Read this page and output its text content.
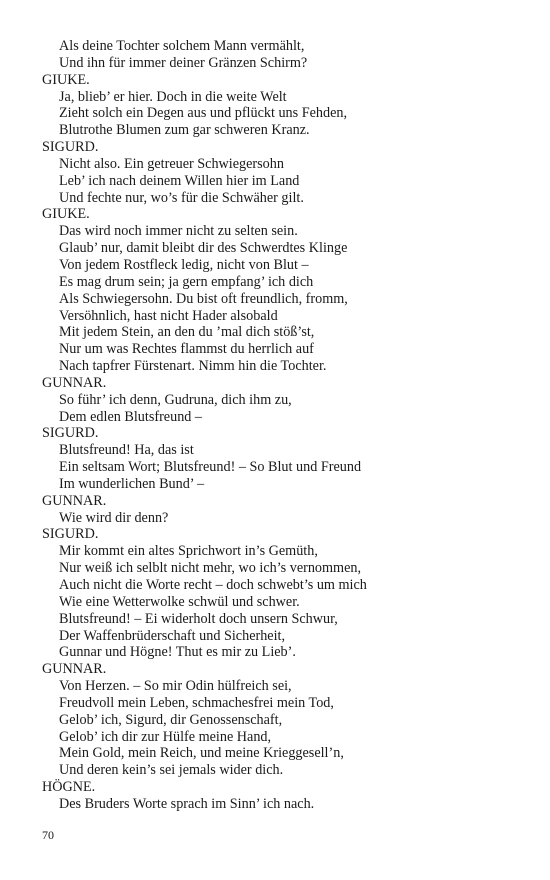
Als deine Tochter solchem Mann vermählt,
Und ihn für immer deiner Gränzen Schirm?
GIUKE.
Ja, blieb’ er hier. Doch in die weite Welt
Zieht solch ein Degen aus und pflückt uns Fehden,
Blutrothe Blumen zum gar schweren Kranz.
SIGURD.
Nicht also. Ein getreuer Schwiegersohn
Leb’ ich nach deinem Willen hier im Land
Und fechte nur, wo’s für die Schwäher gilt.
GIUKE.
Das wird noch immer nicht zu selten sein.
Glaub’ nur, damit bleibt dir des Schwerdtes Klinge
Von jedem Rostfleck ledig, nicht von Blut –
Es mag drum sein; ja gern empfang’ ich dich
Als Schwiegersohn. Du bist oft freundlich, fromm,
Versöhnlich, hast nicht Hader alsobald
Mit jedem Stein, an den du ’mal dich stöß’st,
Nur um was Rechtes flammst du herrlich auf
Nach tapfrer Fürstenart. Nimm hin die Tochter.
GUNNAR.
So führ’ ich denn, Gudruna, dich ihm zu,
Dem edlen Blutsfreund –
SIGURD.
Blutsfreund! Ha, das ist
Ein seltsam Wort; Blutsfreund! – So Blut und Freund
Im wunderlichen Bund’ –
GUNNAR.
Wie wird dir denn?
SIGURD.
Mir kommt ein altes Sprichwort in’s Gemüth,
Nur weiß ich selblt nicht mehr, wo ich’s vernommen,
Auch nicht die Worte recht – doch schwebt’s um mich
Wie eine Wetterwolke schwül und schwer.
Blutsfreund! – Ei widerholt doch unsern Schwur,
Der Waffenbrüderschaft und Sicherheit,
Gunnar und Högne! Thut es mir zu Lieb’.
GUNNAR.
Von Herzen. – So mir Odin hülfreich sei,
Freudvoll mein Leben, schmachesfrei mein Tod,
Gelob’ ich, Sigurd, dir Genossenschaft,
Gelob’ ich dir zur Hülfe meine Hand,
Mein Gold, mein Reich, und meine Krieggesell’n,
Und deren kein’s sei jemals wider dich.
HÖGNE.
Des Bruders Worte sprach im Sinn’ ich nach.
70
